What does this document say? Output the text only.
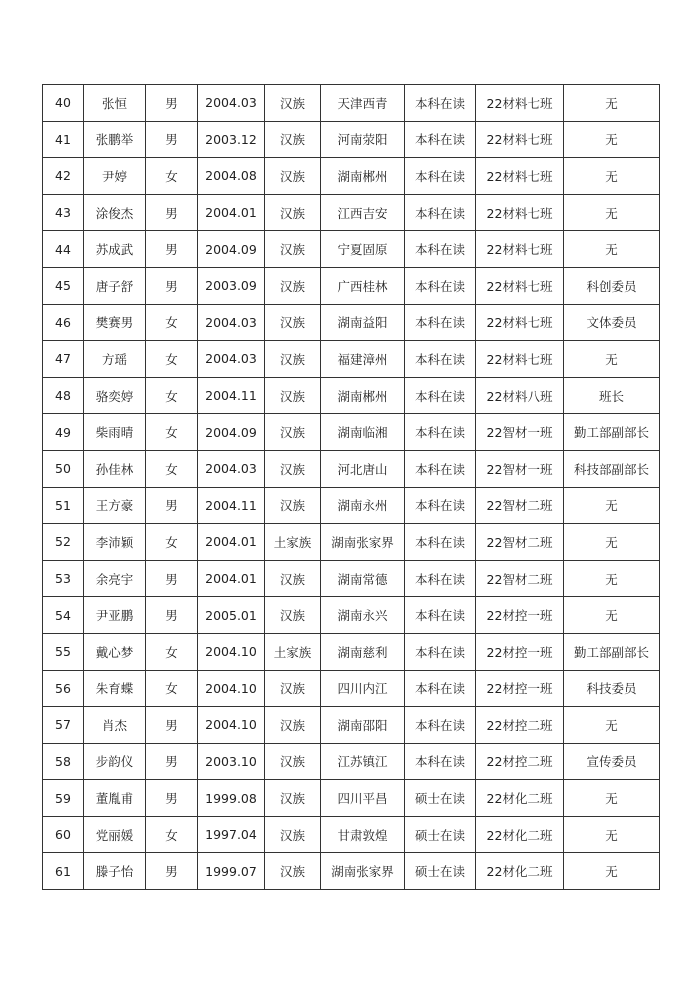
40	张恒	男	2004.03	汉族	天津西青	本科在读	22材料七班	无
41	张鹏举	男	2003.12	汉族	河南荥阳	本科在读	22材料七班	无
42	尹婷	女	2004.08	汉族	湖南郴州	本科在读	22材料七班	无
43	涂俊杰	男	2004.01	汉族	江西吉安	本科在读	22材料七班	无
44	苏成武	男	2004.09	汉族	宁夏固原	本科在读	22材料七班	无
45	唐子舒	男	2003.09	汉族	广西桂林	本科在读	22材料七班	科创委员
46	樊赛男	女	2004.03	汉族	湖南益阳	本科在读	22材料七班	文体委员
47	方瑶	女	2004.03	汉族	福建漳州	本科在读	22材料七班	无
48	骆奕婷	女	2004.11	汉族	湖南郴州	本科在读	22材料八班	班长
49	柴雨晴	女	2004.09	汉族	湖南临湘	本科在读	22智材一班	勤工部副部长
50	孙佳林	女	2004.03	汉族	河北唐山	本科在读	22智材一班	科技部副部长
51	王方豪	男	2004.11	汉族	湖南永州	本科在读	22智材二班	无
52	李沛颖	女	2004.01	土家族	湖南张家界	本科在读	22智材二班	无
53	余亮宇	男	2004.01	汉族	湖南常德	本科在读	22智材二班	无
54	尹亚鹏	男	2005.01	汉族	湖南永兴	本科在读	22材控一班	无
55	戴心梦	女	2004.10	土家族	湖南慈利	本科在读	22材控一班	勤工部副部长
56	朱育蝶	女	2004.10	汉族	四川内江	本科在读	22材控一班	科技委员
57	肖杰	男	2004.10	汉族	湖南邵阳	本科在读	22材控二班	无
58	步韵仪	男	2003.10	汉族	江苏镇江	本科在读	22材控二班	宣传委员
59	董胤甫	男	1999.08	汉族	四川平昌	硕士在读	22材化二班	无
60	党丽媛	女	1997.04	汉族	甘肃敦煌	硕士在读	22材化二班	无
61	滕子怡	男	1999.07	汉族	湖南张家界	硕士在读	22材化二班	无
